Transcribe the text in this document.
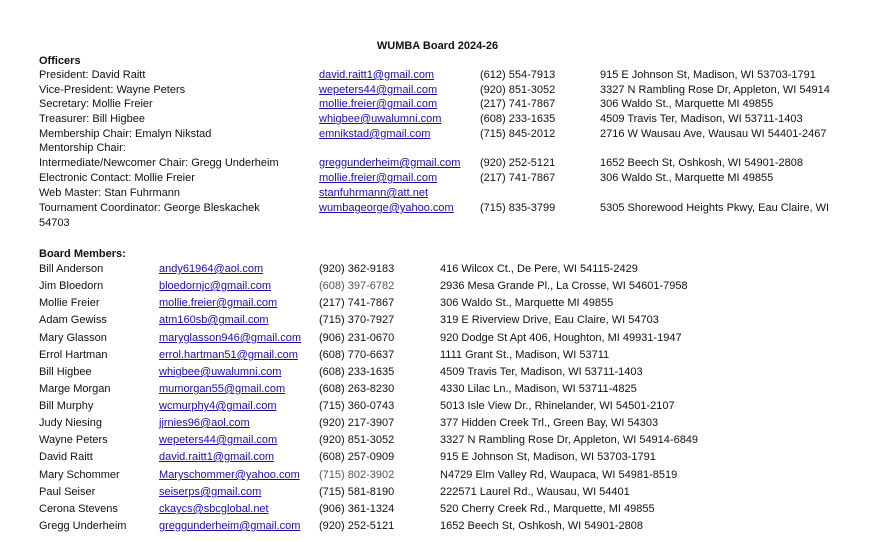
WUMBA Board 2024-26
Officers
President: David Raitt	david.raitt1@gmail.com	(612) 554-7913	915 E Johnson St, Madison, WI 53703-1791
Vice-President: Wayne Peters	wepeters44@gmail.com	(920) 851-3052	3327 N Rambling Rose Dr, Appleton, WI 54914
Secretary: Mollie Freier	mollie.freier@gmail.com	(217) 741-7867	306 Waldo St., Marquette MI 49855
Treasurer: Bill Higbee	whigbee@uwalumni.com	(608) 233-1635	4509 Travis Ter, Madison, WI 53711-1403
Membership Chair: Emalyn Nikstad	emnikstad@gmail.com	(715) 845-2012	2716 W Wausau Ave, Wausau WI 54401-2467
Mentorship Chair:
Intermediate/Newcomer Chair: Gregg Underheim	greggunderheim@gmail.com (920) 252-5121	1652 Beech St, Oshkosh, WI 54901-2808
Electronic Contact: Mollie Freier	mollie.freier@gmail.com	(217) 741-7867	306 Waldo St., Marquette MI 49855
Web Master: Stan Fuhrmann	stanfuhrmann@att.net
Tournament Coordinator: George Bleskachek	wumbageorge@yahoo.com (715) 835-3799	5305 Shorewood Heights Pkwy, Eau Claire, WI
54703
Board Members:
Bill Anderson	andy61964@aol.com	(920) 362-9183	416 Wilcox Ct., De Pere, WI 54115-2429
Jim Bloedorn	bloedornjc@gmail.com	(608) 397-6782	2936 Mesa Grande Pl., La Crosse, WI 54601-7958
Mollie Freier	mollie.freier@gmail.com	(217) 741-7867	306 Waldo St., Marquette MI 49855
Adam Gewiss	atm160sb@gmail.com	(715) 370-7927	319 E Riverview Drive, Eau Claire, WI 54703
Mary Glasson	maryglasson946@gmail.com (906) 231-0670	920 Dodge St Apt 406, Houghton, MI 49931-1947
Errol Hartman	errol.hartman51@gmail.com (608) 770-6637	1111 Grant St., Madison, WI 53711
Bill Higbee	whigbee@uwalumni.com	(608) 233-1635	4509 Travis Ter, Madison, WI 53711-1403
Marge Morgan	mumorgan55@gmail.com	(608) 263-8230	4330 Lilac Ln., Madison, WI 53711-4825
Bill Murphy	wcmurphy4@gmail.com	(715) 360-0743	5013 Isle View Dr., Rhinelander, WI 54501-2107
Judy Niesing	jjrnies96@aol.com	(920) 217-3907	377 Hidden Creek Trl., Green Bay, WI 54303
Wayne Peters	wepeters44@gmail.com	(920) 851-3052	3327 N Rambling Rose Dr, Appleton, WI 54914-6849
David Raitt	david.raitt1@gmail.com	(608) 257-0909	915 E Johnson St, Madison, WI 53703-1791
Mary Schommer	Maryschommer@yahoo.com (715) 802-3902	N4729 Elm Valley Rd, Waupaca, WI 54981-8519
Paul Seiser	seiserps@gmail.com	(715) 581-8190	222571 Laurel Rd., Wausau, WI 54401
Cerona Stevens	ckaycs@sbcglobal.net	(906) 361-1324	520 Cherry Creek Rd., Marquette, MI 49855
Gregg Underheim	greggunderheim@gmail.com (920) 252-5121	1652 Beech St, Oshkosh, WI 54901-2808
